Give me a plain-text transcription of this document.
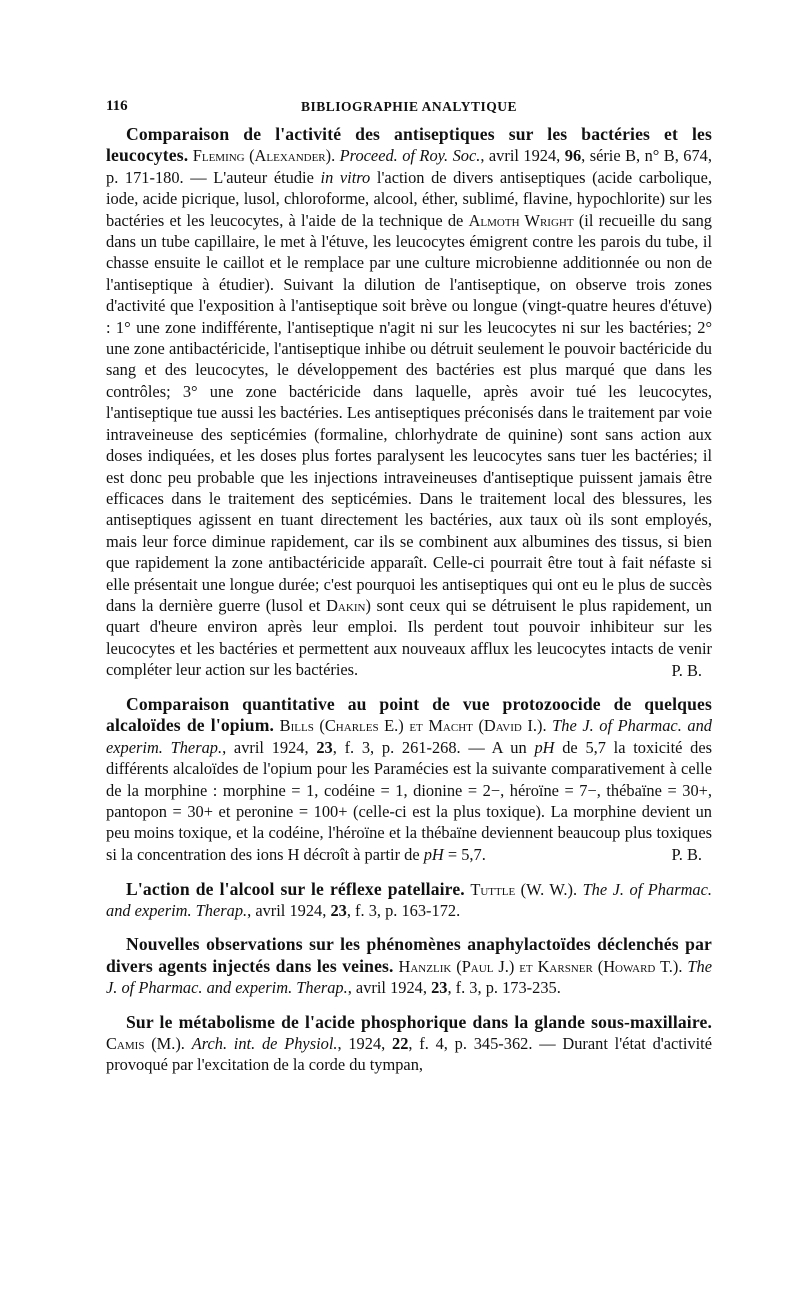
116	BIBLIOGRAPHIE ANALYTIQUE

Comparaison de l'activité des antiseptiques sur les bactéries et les leucocytes. Fleming (Alexander). Proceed. of Roy. Soc., avril 1924, 96, série B, n° B, 674, p. 171-180. — L'auteur étudie in vitro l'action de divers antiseptiques (acide carbolique, iode, acide picrique, lusol, chloroforme, alcool, éther, sublimé, flavine, hypochlorite) sur les bactéries et les leucocytes, à l'aide de la technique de Almoth Wright (il recueille du sang dans un tube capillaire, le met à l'étuve, les leucocytes émigrent contre les parois du tube, il chasse ensuite le caillot et le remplace par une culture microbienne additionnée ou non de l'antiseptique à étudier). Suivant la dilution de l'antiseptique, on observe trois zones d'activité que l'exposition à l'antiseptique soit brève ou longue (vingt-quatre heures d'étuve) : 1° une zone indifférente, l'antiseptique n'agit ni sur les leucocytes ni sur les bactéries; 2° une zone antibactéricide, l'antiseptique inhibe ou détruit seulement le pouvoir bactéricide du sang et des leucocytes, le développement des bactéries est plus marqué que dans les contrôles; 3° une zone bactéricide dans laquelle, après avoir tué les leucocytes, l'antiseptique tue aussi les bactéries. Les antiseptiques préconisés dans le traitement par voie intraveineuse des septicémies (formaline, chlorhydrate de quinine) sont sans action aux doses indiquées, et les doses plus fortes paralysent les leucocytes sans tuer les bactéries; il est donc peu probable que les injections intraveineuses d'antiseptique puissent jamais être efficaces dans le traitement des septicémies. Dans le traitement local des blessures, les antiseptiques agissent en tuant directement les bactéries, aux taux où ils sont employés, mais leur force diminue rapidement, car ils se combinent aux albumines des tissus, si bien que rapidement la zone antibactéricide apparaît. Celle-ci pourrait être tout à fait néfaste si elle présentait une longue durée; c'est pourquoi les antiseptiques qui ont eu le plus de succès dans la dernière guerre (lusol et Dakin) sont ceux qui se détruisent le plus rapidement, un quart d'heure environ après leur emploi. Ils perdent tout pouvoir inhibiteur sur les leucocytes et les bactéries et permettent aux nouveaux afflux les leucocytes intacts de venir compléter leur action sur les bactéries.	P. B.

Comparaison quantitative au point de vue protozoocide de quelques alcaloïdes de l'opium. Bills (Charles E.) et Macht (David I.). The J. of Pharmac. and experim. Therap., avril 1924, 23, f. 3, p. 261-268. — A un pH de 5,7 la toxicité des différents alcaloïdes de l'opium pour les Paramécies est la suivante comparativement à celle de la morphine : morphine = 1, codéine = 1, dionine = 2−, héroïne = 7−, thébaïne = 30+, pantopon = 30+ et peronine = 100+ (celle-ci est la plus toxique). La morphine devient un peu moins toxique, et la codéine, l'héroïne et la thébaïne deviennent beaucoup plus toxiques si la concentration des ions H décroît à partir de pH = 5,7.	P. B.

L'action de l'alcool sur le réflexe patellaire. Tuttle (W. W.). The J. of Pharmac. and experim. Therap., avril 1924, 23, f. 3, p. 163-172.

Nouvelles observations sur les phénomènes anaphylactoïdes déclenchés par divers agents injectés dans les veines. Hanzlik (Paul J.) et Karsner (Howard T.). The J. of Pharmac. and experim. Therap., avril 1924, 23, f. 3, p. 173-235.

Sur le métabolisme de l'acide phosphorique dans la glande sous-maxillaire. Camis (M.). Arch. int. de Physiol., 1924, 22, f. 4, p. 345-362. — Durant l'état d'activité provoqué par l'excitation de la corde du tympan,
